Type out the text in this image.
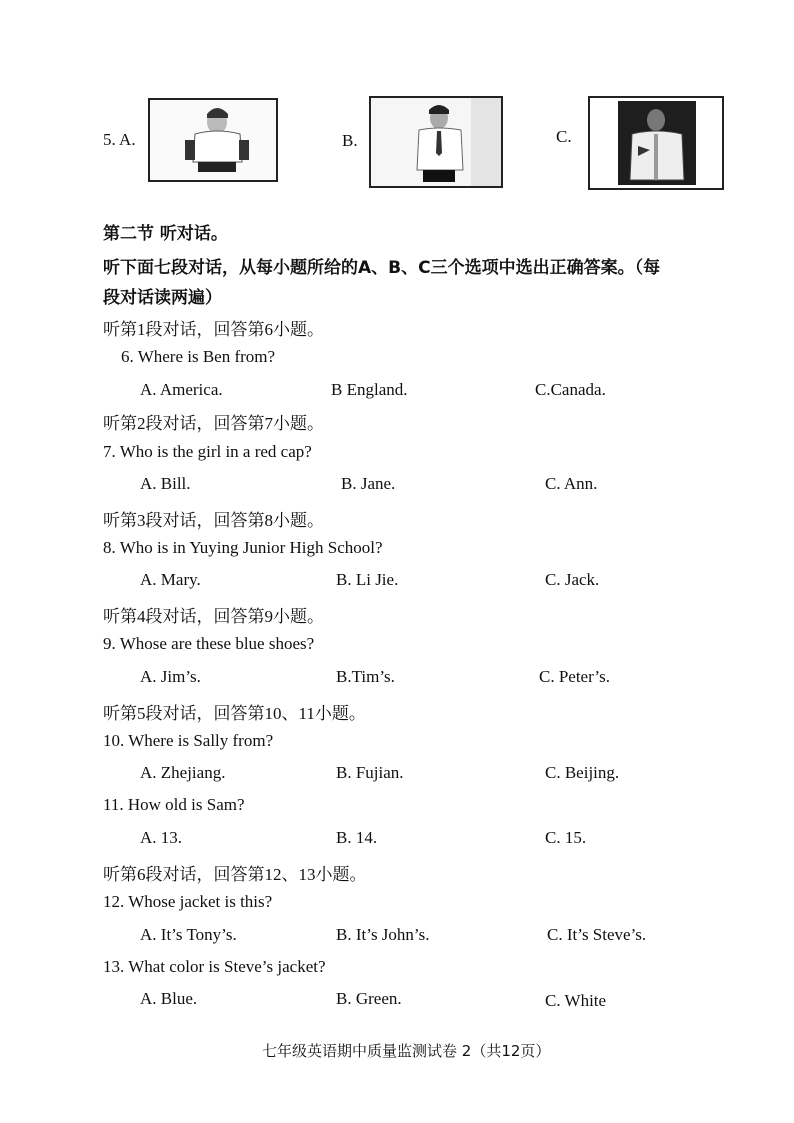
5. A.	B.	C.
第二节 听对话。
听下面七段对话，从每小题所给的A、B、C三个选项中选出正确答案。（每
段对话读两遍）
听第1段对话，回答第6小题。
6. Where is Ben from?
A. America.	B England.	C.Canada.
听第2段对话，回答第7小题。
7. Who is the girl in a red cap?
A. Bill.	B. Jane.	C. Ann.
听第3段对话，回答第8小题。
8. Who is in Yuying Junior High School?
A. Mary.	B. Li Jie.	C. Jack.
听第4段对话，回答第9小题。
9. Whose are these blue shoes?
A. Jim’s.	B.Tim’s.	C. Peter’s.
听第5段对话，回答第10、11小题。
10. Where is Sally from?
A. Zhejiang.	B. Fujian.	C. Beijing.
11. How old is Sam?
A. 13.	B. 14.	C. 15.
听第6段对话，回答第12、13小题。
12. Whose jacket is this?
A. It’s Tony’s.	B. It’s John’s.	C. It’s Steve’s.
13. What color is Steve’s jacket?
A. Blue.	B. Green.	C. White
七年级英语期中质量监测试卷 2（共12页）
